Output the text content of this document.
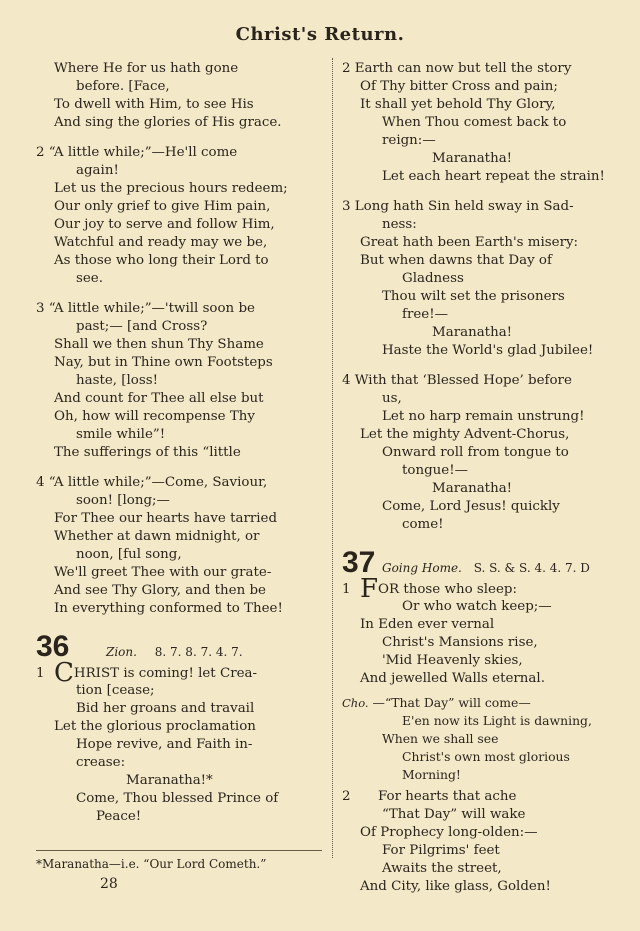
Christ's Return.
Where He for us hath gone
before. [Face,
To dwell with Him, to see His
And sing the glories of His grace.
2 “A little while;”—He'll come
again!
Let us the precious hours redeem;
Our only grief to give Him pain,
Our joy to serve and follow Him,
Watchful and ready may we be,
As those who long their Lord to
see.
3 “A little while;”—'twill soon be
past;— [and Cross?
Shall we then shun Thy Shame
Nay, but in Thine own Footsteps
haste, [loss!
And count for Thee all else but
Oh, how will recompense Thy
smile while”!
The sufferings of this “little
4 “A little while;”—Come, Saviour,
soon! [long;—
For Thee our hearts have tarried
Whether at dawn midnight, or
noon, [ful song,
We'll greet Thee with our grate-
And see Thy Glory, and then be
In everything conformed to Thee!
36	Zion. 8. 7. 8. 7. 4. 7.
1 CHRIST is coming! let Crea-
tion [cease;
Bid her groans and travail
Let the glorious proclamation
Hope revive, and Faith in-
crease:
Maranatha!*
Come, Thou blessed Prince of
Peace!
*Maranatha—i.e. “Our Lord Cometh.”
28
2 Earth can now but tell the story
Of Thy bitter Cross and pain;
It shall yet behold Thy Glory,
When Thou comest back to
reign:—
Maranatha!
Let each heart repeat the strain!
3 Long hath Sin held sway in Sad-
ness:
Great hath been Earth's misery:
But when dawns that Day of
Gladness
Thou wilt set the prisoners
free!—
Maranatha!
Haste the World's glad Jubilee!
4 With that ‘Blessed Hope’ before
us,
Let no harp remain unstrung!
Let the mighty Advent-Chorus,
Onward roll from tongue to
tongue!—
Maranatha!
Come, Lord Jesus! quickly
come!
37 Going Home. S. S. & S. 4. 4. 7. D
1 FOR those who sleep:
Or who watch keep;—
In Eden ever vernal
Christ's Mansions rise,
'Mid Heavenly skies,
And jewelled Walls eternal.
Cho. —“That Day” will come—
E'en now its Light is dawning,
When we shall see
Christ's own most glorious
Morning!
2 For hearts that ache
“That Day” will wake
Of Prophecy long-olden:—
For Pilgrims' feet
Awaits the street,
And City, like glass, Golden!
